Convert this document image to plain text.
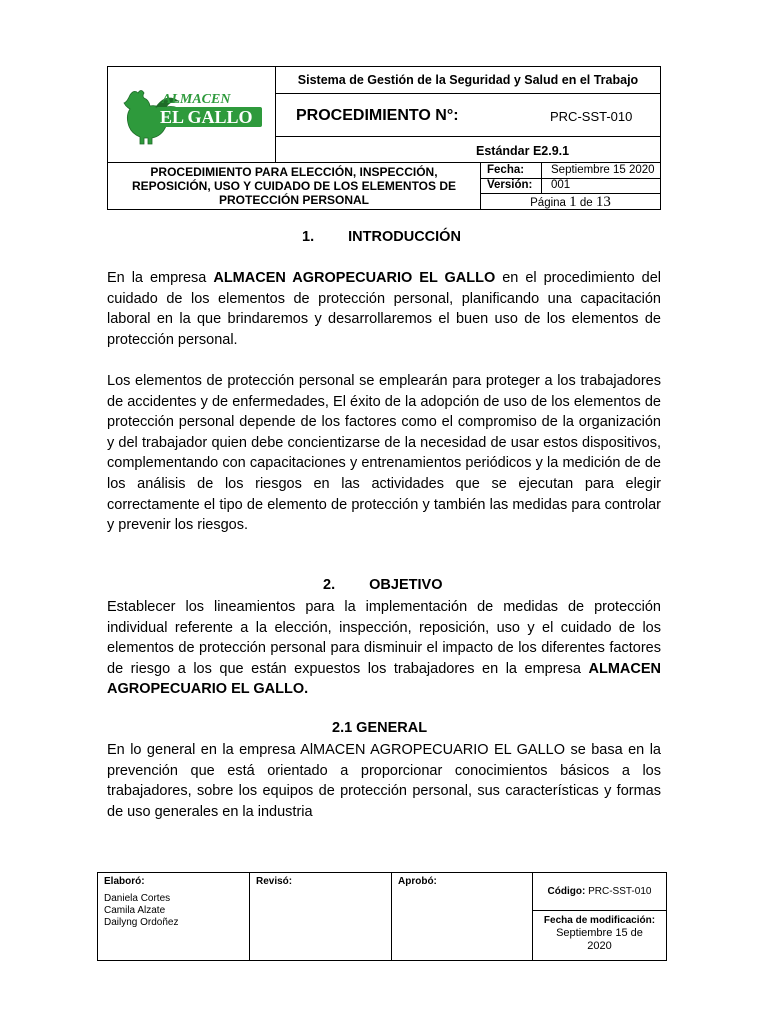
ALMACEN
EL GALLO
Sistema de Gestión de la Seguridad y Salud en el Trabajo
PROCEDIMIENTO N°:	PRC-SST-010
Estándar E2.9.1
PROCEDIMIENTO PARA ELECCIÓN, INSPECCIÓN,
REPOSICIÓN, USO Y CUIDADO DE LOS ELEMENTOS DE
PROTECCIÓN PERSONAL
Fecha: Septiembre 15 2020
Versión: 001
Página 1 de 13
1. INTRODUCCIÓN
En la empresa ALMACEN AGROPECUARIO EL GALLO en el procedimiento del cuidado de los elementos de protección personal, planificando una capacitación laboral en la que brindaremos y desarrollaremos el buen uso de los elementos de protección personal.
Los elementos de protección personal se emplearán para proteger a los trabajadores de accidentes y de enfermedades, El éxito de la adopción de uso de los elementos de protección personal depende de los factores como el compromiso de la organización y del trabajador quien debe concientizarse de la necesidad de usar estos dispositivos, complementando con capacitaciones y entrenamientos periódicos y la medición de de los análisis de los riesgos en las actividades que se ejecutan para elegir correctamente el tipo de elemento de protección y también las medidas para controlar y prevenir los riesgos.
2. OBJETIVO
Establecer los lineamientos para la implementación de medidas de protección individual referente a la elección, inspección, reposición, uso y el cuidado de los elementos de protección personal para disminuir el impacto de los diferentes factores de riesgo a los que están expuestos los trabajadores en la empresa ALMACEN AGROPECUARIO EL GALLO.
2.1 GENERAL
En lo general en la empresa AlMACEN AGROPECUARIO EL GALLO se basa en la prevención que está orientado a proporcionar conocimientos básicos a los trabajadores, sobre los equipos de protección personal, sus características y formas de uso generales en la industria
Elaboró:
Daniela Cortes
Camila Alzate
Dailyng Ordoñez
Revisó:	Aprobó:
Código:
PRC-SST-010
Fecha de modificación:
Septiembre 15 de
2020
